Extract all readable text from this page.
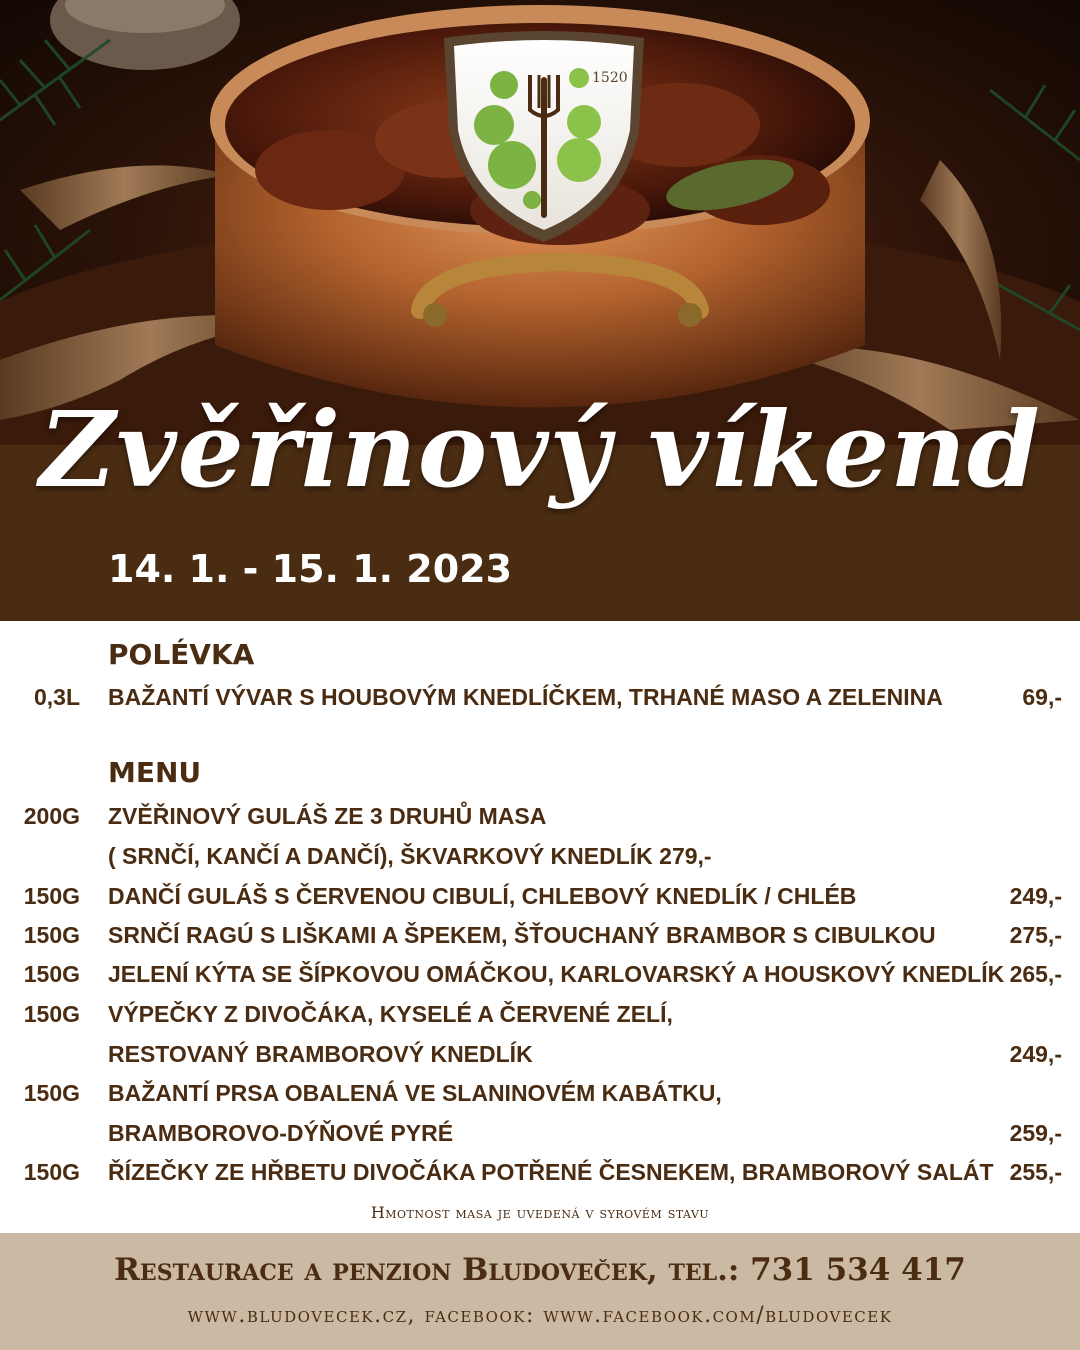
1520
Zvěřinový víkend
14. 1. - 15. 1. 2023
POLÉVKA
0,3L BAŽANTÍ VÝVAR S HOUBOVÝM KNEDLÍČKEM, TRHANÉ MASO A ZELENINA	69,-
MENU
200G ZVĚŘINOVÝ GULÁŠ ZE 3 DRUHŮ MASA
( SRNČÍ, KANČÍ A DANČÍ), ŠKVARKOVÝ KNEDLÍK 279,-
150G DANČÍ GULÁŠ S ČERVENOU CIBULÍ, CHLEBOVÝ KNEDLÍK / CHLÉB	249,-
150G SRNČÍ RAGÚ S LIŠKAMI A ŠPEKEM, ŠŤOUCHANÝ BRAMBOR S CIBULKOU	275,-
150G JELENÍ KÝTA SE ŠÍPKOVOU OMÁČKOU, KARLOVARSKÝ A HOUSKOVÝ KNEDLÍK 265,-
150G VÝPEČKY Z DIVOČÁKA, KYSELÉ A ČERVENÉ ZELÍ,
RESTOVANÝ BRAMBOROVÝ KNEDLÍK	249,-
150G BAŽANTÍ PRSA OBALENÁ VE SLANINOVÉM KABÁTKU,
BRAMBOROVO-DÝŇOVÉ PYRÉ	259,-
150G ŘÍZEČKY ZE HŘBETU DIVOČÁKA POTŘENÉ ČESNEKEM, BRAMBOROVÝ SALÁT 255,-
Hmotnost masa je uvedená v syrovém stavu
Restaurace a penzion Bludoveček, tel.: 731 534 417
www.bludovecek.cz, facebook: www.facebook.com/bludovecek
